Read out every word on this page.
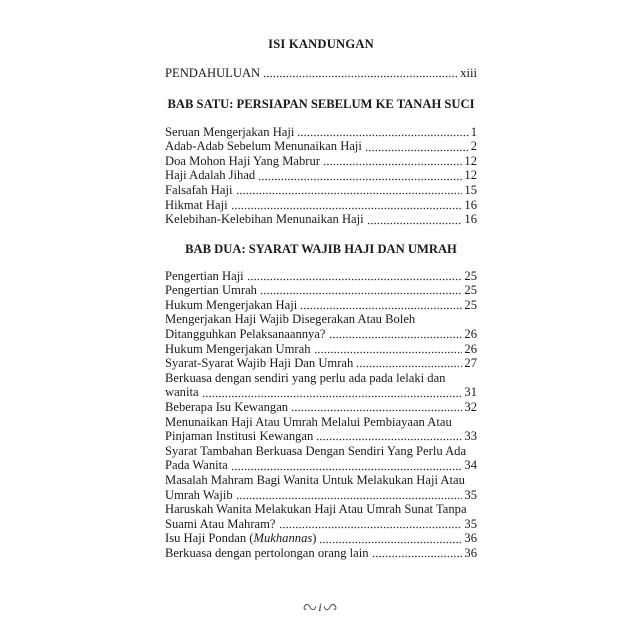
ISI KANDUNGAN
PENDAHULUAN	xiii
BAB SATU: PERSIAPAN SEBELUM KE TANAH SUCI
Seruan Mengerjakan Haji	1
Adab-Adab Sebelum Menunaikan Haji	2
Doa Mohon Haji Yang Mabrur	12
Haji Adalah Jihad	12
Falsafah Haji	15
Hikmat Haji	16
Kelebihan-Kelebihan Menunaikan Haji	16
BAB DUA: SYARAT WAJIB HAJI DAN UMRAH
Pengertian Haji	25
Pengertian Umrah	25
Hukum Mengerjakan Haji	25
Mengerjakan Haji Wajib Disegerakan Atau Boleh
Ditangguhkan Pelaksanaannya?	26
Hukum Mengerjakan Umrah	26
Syarat-Syarat Wajib Haji Dan Umrah	27
Berkuasa dengan sendiri yang perlu ada pada lelaki dan
wanita	31
Beberapa Isu Kewangan	32
Menunaikan Haji Atau Umrah Melalui Pembiayaan Atau
Pinjaman Institusi Kewangan	33
Syarat Tambahan Berkuasa Dengan Sendiri Yang Perlu Ada
Pada Wanita	34
Masalah Mahram Bagi Wanita Untuk Melakukan Haji Atau
Umrah Wajib	35
Haruskah Wanita Melakukan Haji Atau Umrah Sunat Tanpa
Suami Atau Mahram?	35
Isu Haji Pondan (Mukhannas)	36
Berkuasa dengan pertolongan orang lain	36
i
